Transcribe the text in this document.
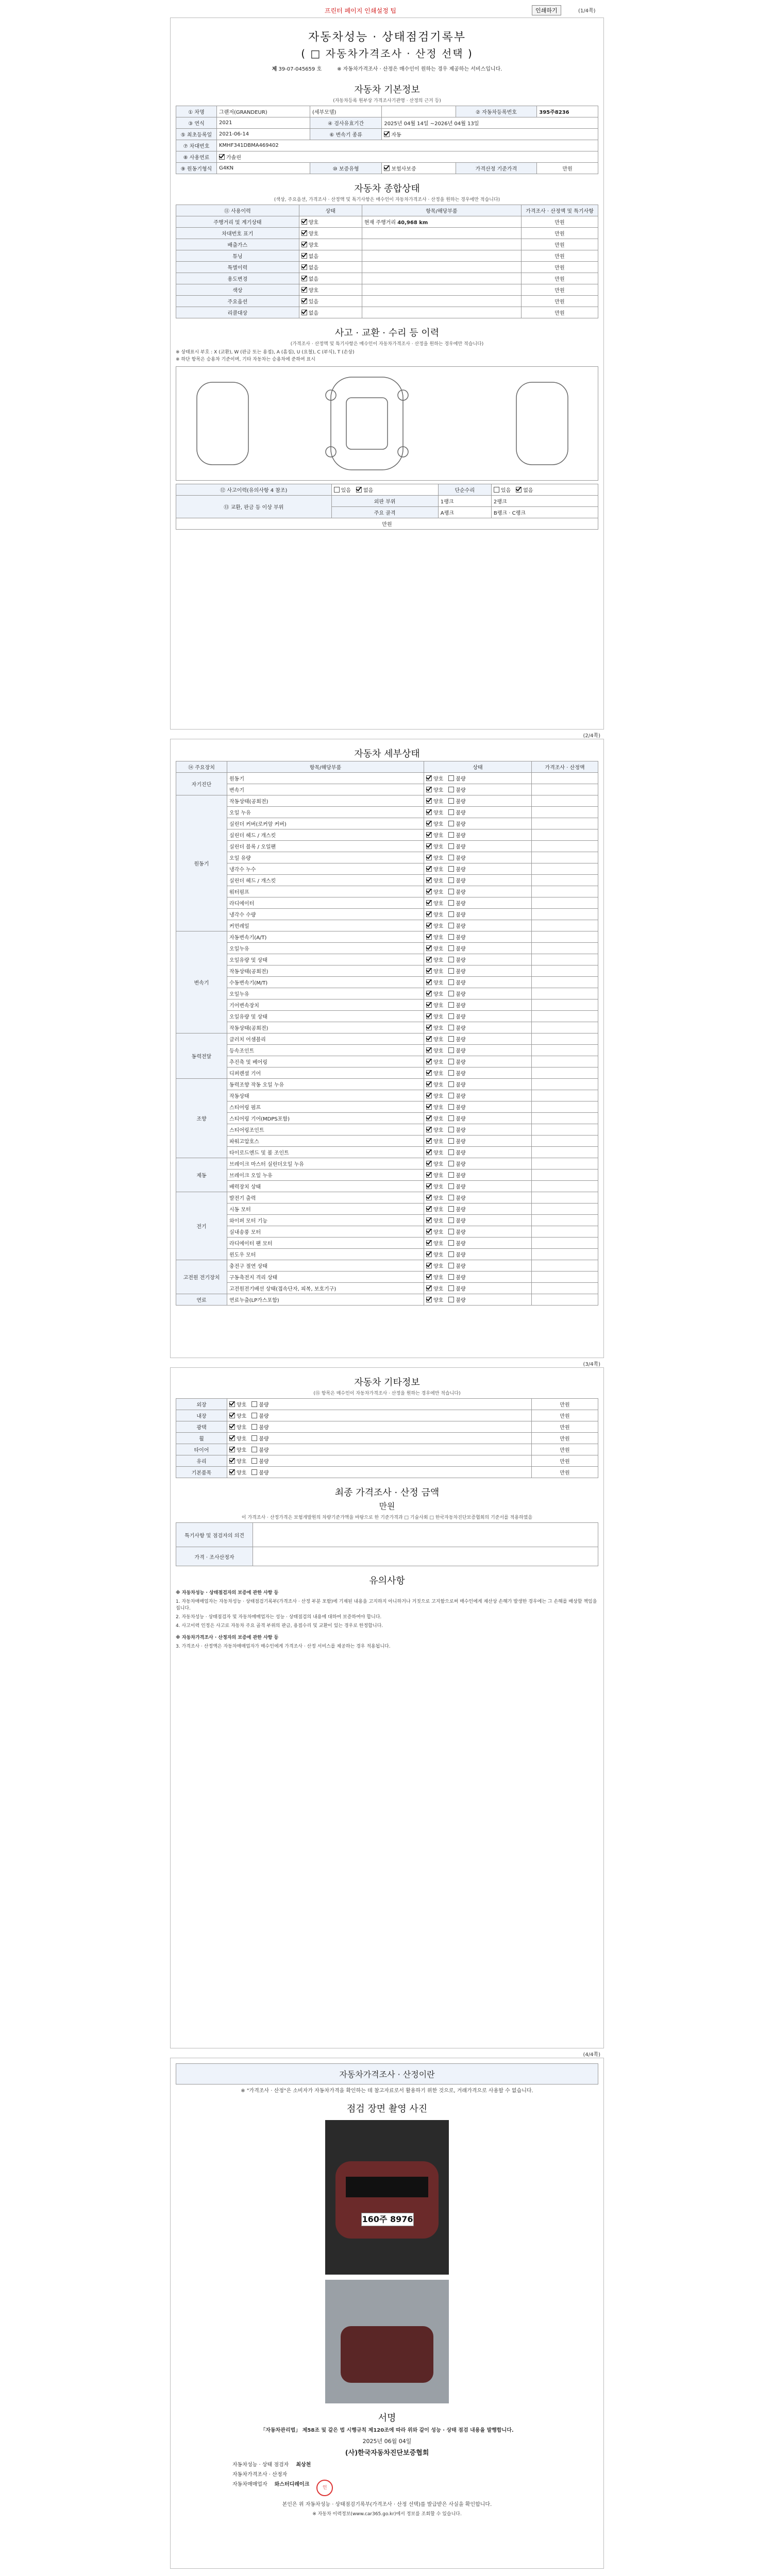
프린터 페이지 인쇄설정 팁	인쇄하기	(1/4쪽)
자동차성능 · 상태점검기록부
( □ 자동차가격조사 · 산정 선택 )
제 39-07-045659 호	※ 자동차가격조사 · 산정은 매수인이 원하는 경우 제공하는 서비스입니다.
자동차 기본정보
(자동차등록 원부상 가격조사기관명 · 산정의 근거 등)
① 차명	그랜저(GRANDEUR)	(세부모델)		② 자동차등록번호	395주8236
③ 연식	2021	④ 검사유효기간	2025년 04월 14일 ~2026년 04월 13일		
⑤ 최초등록일	2021-06-14	⑥ 변속기 종류	자동		
⑦ 차대번호	KMHF341DBMA469402				
⑧ 사용연료	가솔린				
⑨ 원동기형식	G4KN	⑩ 보증유형	보험사보증	가격산정 기준가격	만원
자동차 종합상태
(색상, 주요옵션, 가격조사 · 산정액 및 특기사항은 매수인이 자동차가격조사 · 산정을 원하는 경우에만 적습니다)
⑪ 사용이력	상태	항목/해당부품	가격조사 · 산정액 및 특기사항
주행거리 및 계기상태	양호	현재 주행거리 40,968 km	만원
차대번호 표기	양호		만원
배출가스	양호		만원
튜닝	없음		만원
특별이력	없음		만원
용도변경	없음		만원
색상	양호		만원
주요옵션	있음		만원
리콜대상	없음		만원
사고 · 교환 · 수리 등 이력
(가격조사 · 산정액 및 특기사항은 매수인이 자동차가격조사 · 산정을 원하는 경우에만 적습니다)
※ 상태표시 부호 : X (교환), W (판금 또는 용접), A (흠집), U (요철), C (부식), T (손상)
※ 하단 항목은 승용차 기준이며, 기타 자동차는 승용차에 준하여 표시
⑫ 사고이력(유의사항 4 참조)	있음 없음	단순수리	있음 없음
⑬ 교환, 판금 등 이상 부위	외판 부위	1랭크	2랭크
	주요 골격	A랭크	B랭크 · C랭크
만원			
(2/4쪽)
자동차 세부상태
⑭ 주요장치	항목/해당부품	상태	가격조사 · 산정액
자기진단	원동기	양호 불량	
	변속기	양호 불량	
원동기	작동상태(공회전)	양호 불량	
	오일 누유	양호 불량	
	실린더 커버(로커암 커버)	양호 불량	
	실린더 헤드 / 개스킷	양호 불량	
	실린더 블록 / 오일팬	양호 불량	
	오일 유량	양호 불량	
	냉각수 누수	양호 불량	
	실린더 헤드 / 개스킷	양호 불량	
	워터펌프	양호 불량	
	라디에이터	양호 불량	
	냉각수 수량	양호 불량	
	커먼레일	양호 불량	
변속기	자동변속기(A/T)	양호 불량	
	오일누유	양호 불량	
	오일유량 및 상태	양호 불량	
	작동상태(공회전)	양호 불량	
	수동변속기(M/T)	양호 불량	
	오일누유	양호 불량	
	기어변속장치	양호 불량	
	오일유량 및 상태	양호 불량	
	작동상태(공회전)	양호 불량	
동력전달	클러치 어셈블리	양호 불량	
	등속조인트	양호 불량	
	추진축 및 베어링	양호 불량	
	디퍼렌셜 기어	양호 불량	
조향	동력조향 작동 오일 누유	양호 불량	
	작동상태	양호 불량	
	스티어링 펌프	양호 불량	
	스티어링 기어(MDPS포함)	양호 불량	
	스티어링조인트	양호 불량	
	파워고압호스	양호 불량	
	타이로드엔드 및 볼 조인트	양호 불량	
제동	브레이크 마스터 실린더오일 누유	양호 불량	
	브레이크 오일 누유	양호 불량	
	배력장치 상태	양호 불량	
전기	발전기 출력	양호 불량	
	시동 모터	양호 불량	
	와이퍼 모터 기능	양호 불량	
	실내송풍 모터	양호 불량	
	라디에이터 팬 모터	양호 불량	
	윈도우 모터	양호 불량	
고전원 전기장치	충전구 절연 상태	양호 불량	
	구동축전지 격리 상태	양호 불량	
	고전원전기배선 상태(접속단자, 피복, 보호기구)	양호 불량	
연료	연료누출(LP가스포함)	양호 불량	
(3/4쪽)
자동차 기타정보
(⑮ 항목은 매수인이 자동차가격조사 · 산정을 원하는 경우에만 적습니다)
외장	양호 불량	만원
내장	양호 불량	만원
광택	양호 불량	만원
휠	양호 불량	만원
타이어	양호 불량	만원
유리	양호 불량	만원
기본품목	양호 불량	만원
최종 가격조사 · 산정 금액
만원
이 가격조사 · 산정가격은 보험개발원의 차량기준가액을 바탕으로 한 기준가격과 □ 기술사회 □ 한국자동차진단보증협회의 기준서를 적용하였음
특기사항 및 점검자의 의견	
가격 · 조사산정자	
유의사항

※ 자동차성능 · 상태점검자의 보증에 관한 사항 등

1. 자동차매매업자는 자동차성능 · 상태점검기록부(가격조사 · 산정 부분 포함)에 기재된 내용을 고지하지 아니하거나 거짓으로 고지함으로써 매수인에게 재산상 손해가 발생한 경우에는 그 손해를 배상할 책임을 집니다.

2. 자동차성능 · 상태점검자 및 자동차매매업자는 성능 · 상태점검의 내용에 대하여 보증하여야 합니다.

4. 사고이력 인정은 사고로 자동차 주요 골격 부위의 판금, 용접수리 및 교환이 있는 경우로 한정합니다.

※ 자동차가격조사 · 산정자의 보증에 관한 사항 등

3. 가격조사 · 산정액은 자동차매매업자가 매수인에게 가격조사 · 산정 서비스를 제공하는 경우 적용됩니다.

(4/4쪽)
자동차가격조사 · 산정이란
※ "가격조사 · 산정"은 소비자가 자동차가격을 확인하는 데 참고자료로서 활용하기 위한 것으로, 거래가격으로 사용할 수 없습니다.
점검 장면 촬영 사진
160주 8976
서명
「자동차관리법」 제58조 및 같은 법 시행규칙 제120조에 따라 위와 같이 성능 · 상태 점검 내용을 발행합니다.
2025년 06월 04일
(사)한국자동차진단보증협회
자동차성능 · 상태 점검자 최상천
자동차가격조사 · 산정자
자동차매매업자 와스터디레이크
인
본인은 위 자동차성능 · 상태점검기록부(가격조사 · 산정 선택)를 발급받은 사실을 확인합니다.
※ 자동차 이력정보(www.car365.go.kr)에서 정보를 조회할 수 있습니다.
